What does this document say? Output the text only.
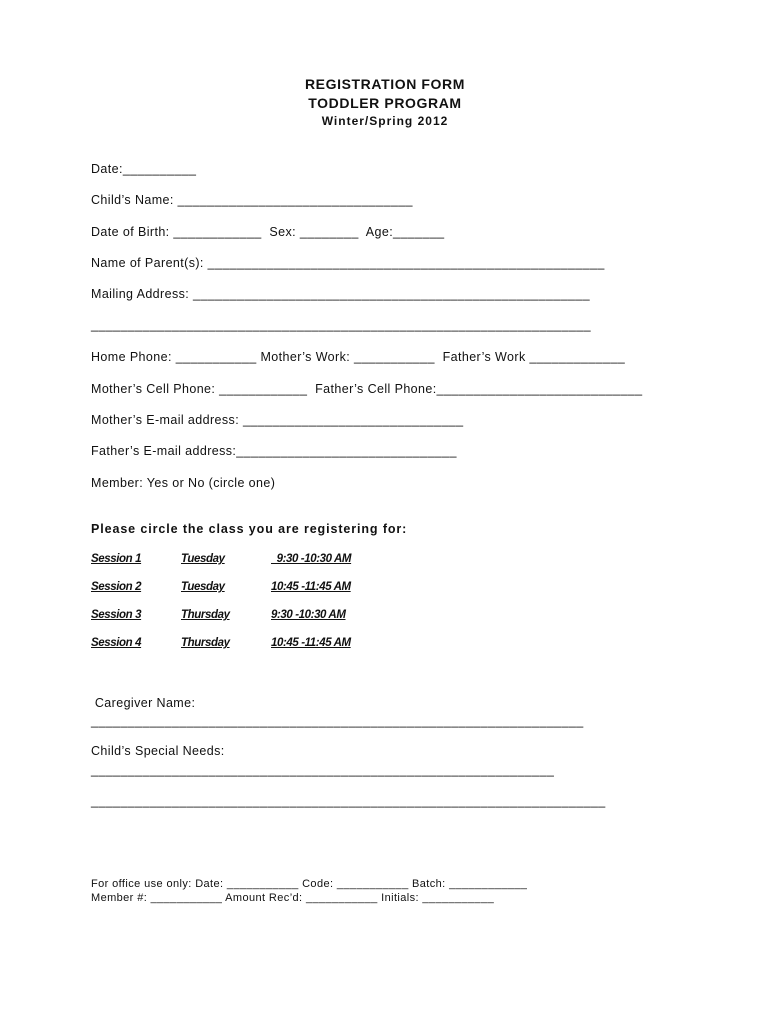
REGISTRATION FORM
TODDLER PROGRAM
Winter/Spring 2012
Date:__________
Child’s Name: ________________________________
Date of Birth: ____________  Sex: ________  Age:_______
Name of Parent(s): ______________________________________________________
Mailing Address: ______________________________________________________
____________________________________________________________________
Home Phone: ___________ Mother’s Work: ___________  Father’s Work _____________
Mother’s Cell Phone: ____________  Father’s Cell Phone:____________________________
Mother’s E-mail address: ______________________________
Father’s E-mail address:______________________________
Member: Yes or No (circle one)
Please circle the class you are registering for:
Session 1	Tuesday	9:30 -10:30 AM
Session 2	Tuesday	10:45 -11:45 AM
Session 3	Thursday	9:30 -10:30 AM
Session 4	Thursday	10:45 -11:45 AM
Caregiver Name:
___________________________________________________________________
Child’s Special Needs:
_______________________________________________________________
______________________________________________________________________
For office use only: Date: ___________ Code: ___________ Batch: ____________
Member #: ___________ Amount Rec’d: ___________ Initials: ___________
